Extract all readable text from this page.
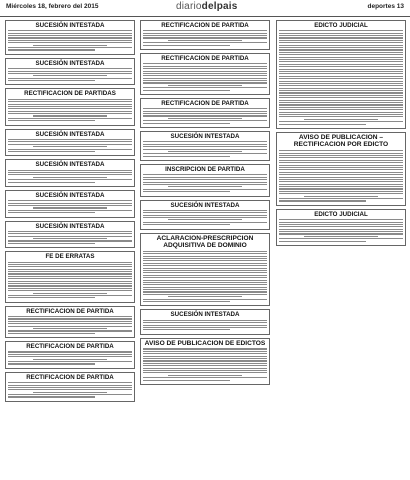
Miércoles 18, febrero del 2015	diariodelpais	deportes 13
SUCESIÓN INTESTADA
SUCESIÓN INTESTADA
RECTIFICACION DE PARTIDAS
SUCESIÓN INTESTADA
SUCESIÓN INTESTADA
SUCESIÓN INTESTADA
SUCESIÓN INTESTADA
FE DE ERRATAS
RECTIFICACION DE PARTIDA
RECTIFICACION DE PARTIDA
RECTIFICACION DE PARTIDA
RECTIFICACION DE PARTIDA
RECTIFICACION DE PARTIDA
RECTIFICACION DE PARTIDA
SUCESIÓN INTESTADA
INSCRIPCION DE PARTIDA
SUCESIÓN INTESTADA
ACLARACION-PRESCRIPCION ADQUISITIVA DE DOMINIO
SUCESIÓN INTESTADA
AVISO DE PUBLICACION DE EDICTOS
EDICTO JUDICIAL
AVISO DE PUBLICACION – RECTIFICACION POR EDICTO
EDICTO JUDICIAL
